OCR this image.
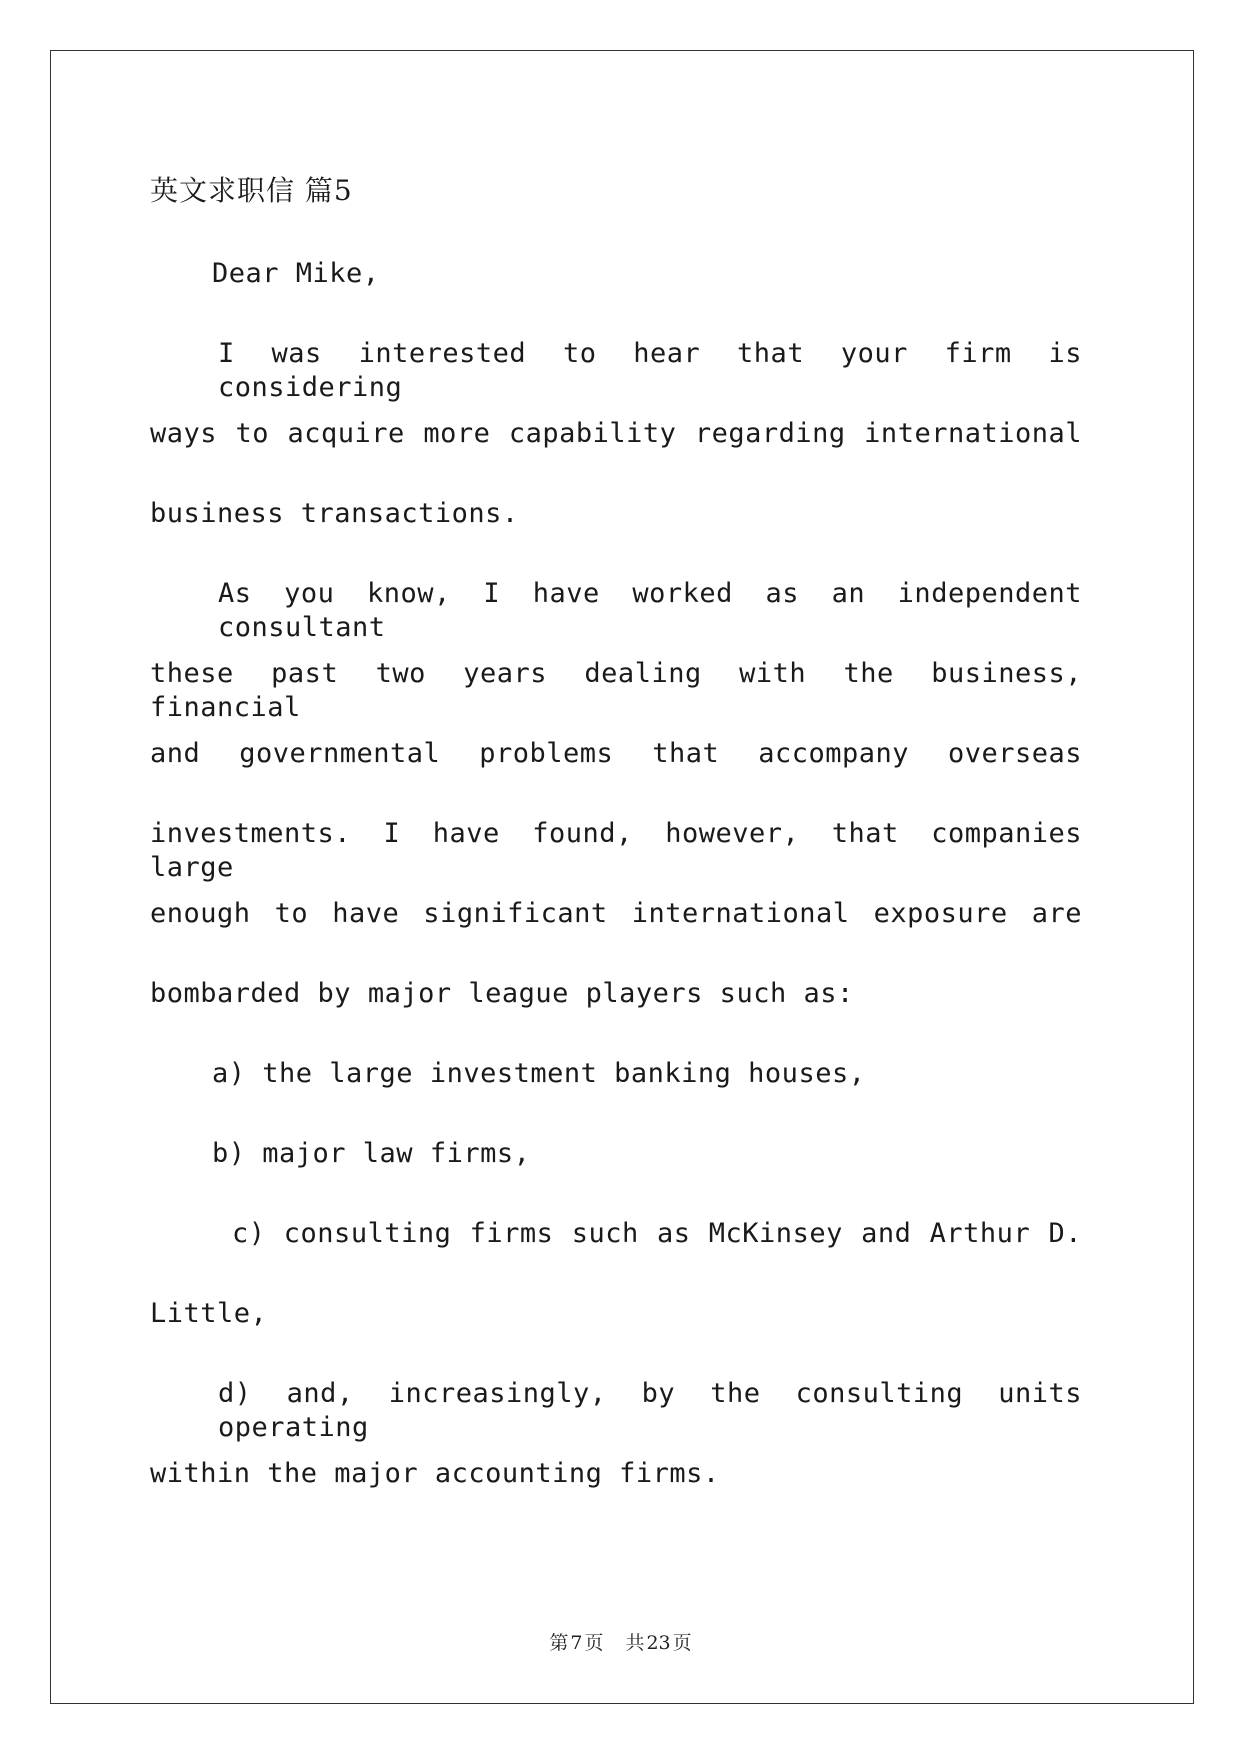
英文求职信 篇5
Dear Mike,
I was interested to hear that your firm is considering
ways to acquire more capability regarding international
business transactions.
As you know, I have worked as an independent consultant
these past two years dealing with the business, financial
and governmental problems that accompany overseas
investments. I have found, however, that companies large
enough to have significant international exposure are
bombarded by major league players such as:
a) the large investment banking houses,
b) major law firms,
c) consulting firms such as McKinsey and Arthur D.
Little,
d) and, increasingly, by the consulting units operating
within the major accounting firms.
第 7 页 共 23 页
